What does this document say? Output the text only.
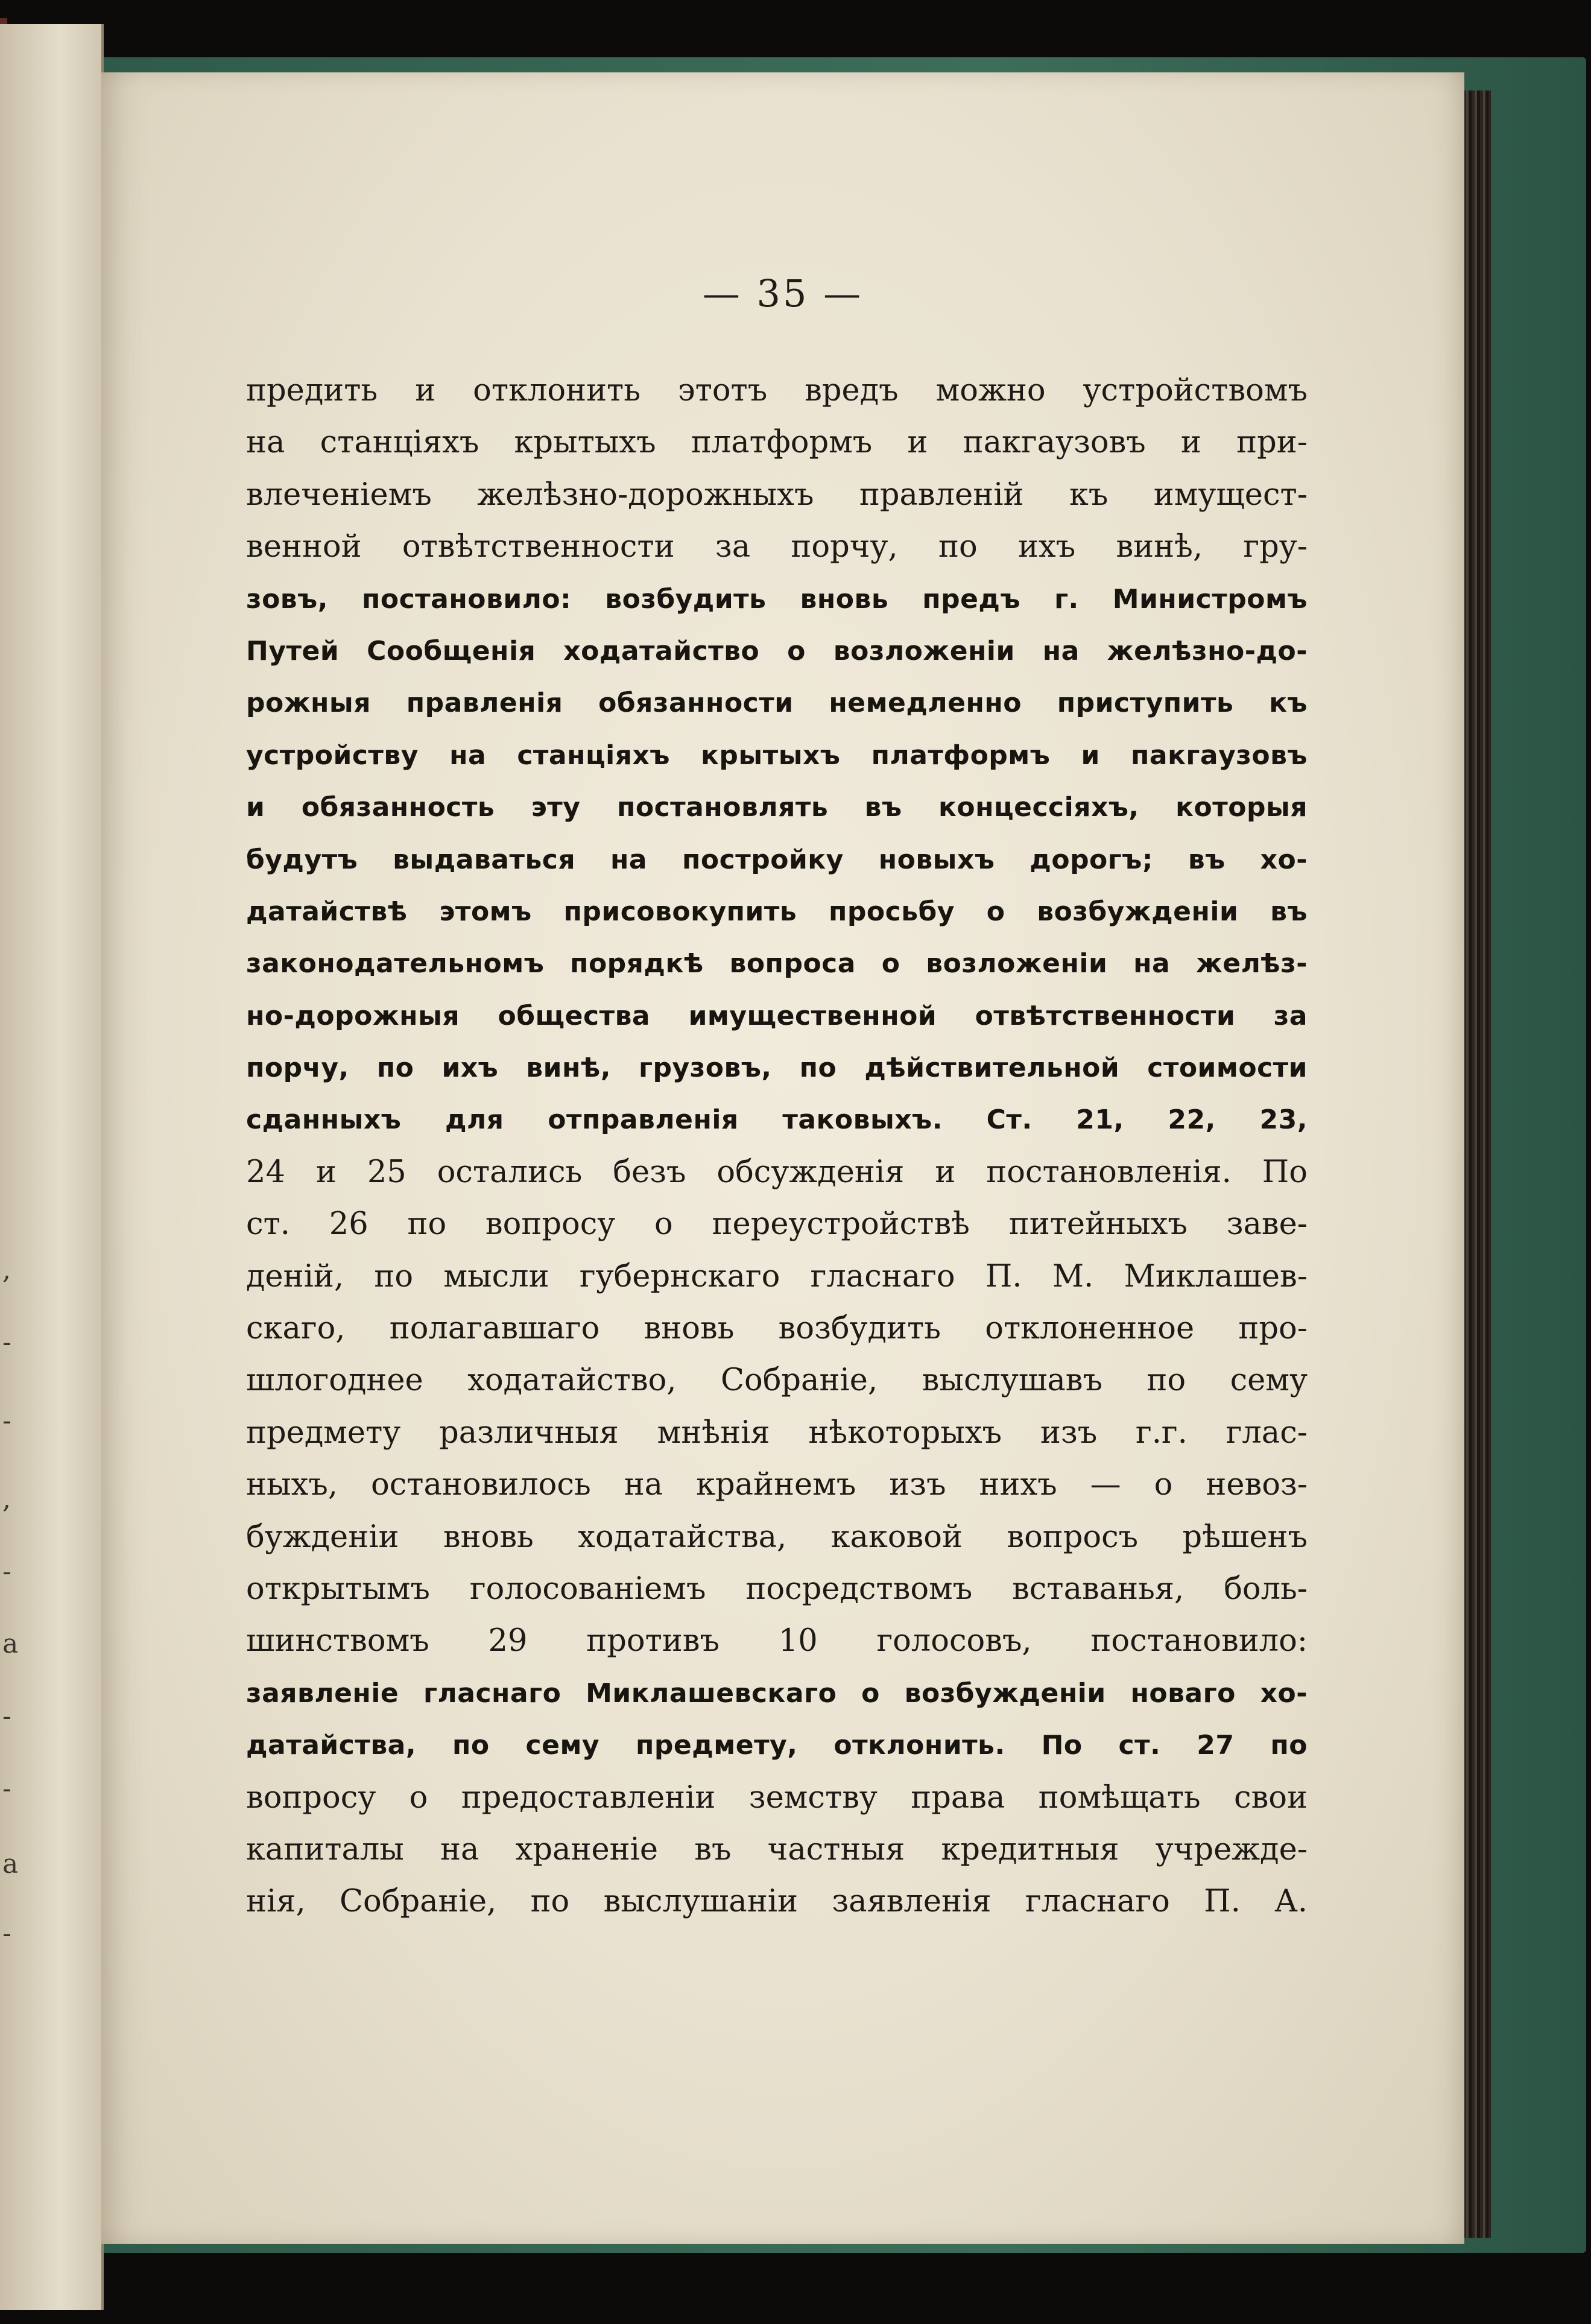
,
-
-
,
-
a
-
-
a
-
— 35 —
предить и отклонить этотъ вредъ можно устройствомъ
на станціяхъ крытыхъ платформъ и пакгаузовъ и при-
влеченіемъ желѣзно-дорожныхъ правленій къ имущест-
венной отвѣтственности за порчу, по ихъ винѣ, гру-
зовъ, постановило: возбудить вновь предъ г. Министромъ
Путей Сообщенія ходатайство о возложеніи на желѣзно-до-
рожныя правленія обязанности немедленно приступить къ
устройству на станціяхъ крытыхъ платформъ и пакгаузовъ
и обязанность эту постановлять въ концессіяхъ, которыя
будутъ выдаваться на постройку новыхъ дорогъ; въ хо-
датайствѣ этомъ присовокупить просьбу о возбужденіи въ
законодательномъ порядкѣ вопроса о возложеніи на желѣз-
но-дорожныя общества имущественной отвѣтственности за
порчу, по ихъ винѣ, грузовъ, по дѣйствительной стоимости
сданныхъ для отправленія таковыхъ. Ст. 21, 22, 23,
24 и 25 остались безъ обсужденія и постановленія. По
ст. 26 по вопросу о переустройствѣ питейныхъ заве-
деній, по мысли губернскаго гласнаго П. М. Миклашев-
скаго, полагавшаго вновь возбудить отклоненное про-
шлогоднее ходатайство, Собраніе, выслушавъ по сему
предмету различныя мнѣнія нѣкоторыхъ изъ г.г. глас-
ныхъ, остановилось на крайнемъ изъ нихъ — о невоз-
бужденіи вновь ходатайства, каковой вопросъ рѣшенъ
открытымъ голосованіемъ посредствомъ вставанья, боль-
шинствомъ 29 противъ 10 голосовъ, постановило:
заявленіе гласнаго Миклашевскаго о возбужденіи новаго хо-
датайства, по сему предмету, отклонить. По ст. 27 по
вопросу о предоставленіи земству права помѣщать свои
капиталы на храненіе въ частныя кредитныя учрежде-
нія, Собраніе, по выслушаніи заявленія гласнаго П. А.
